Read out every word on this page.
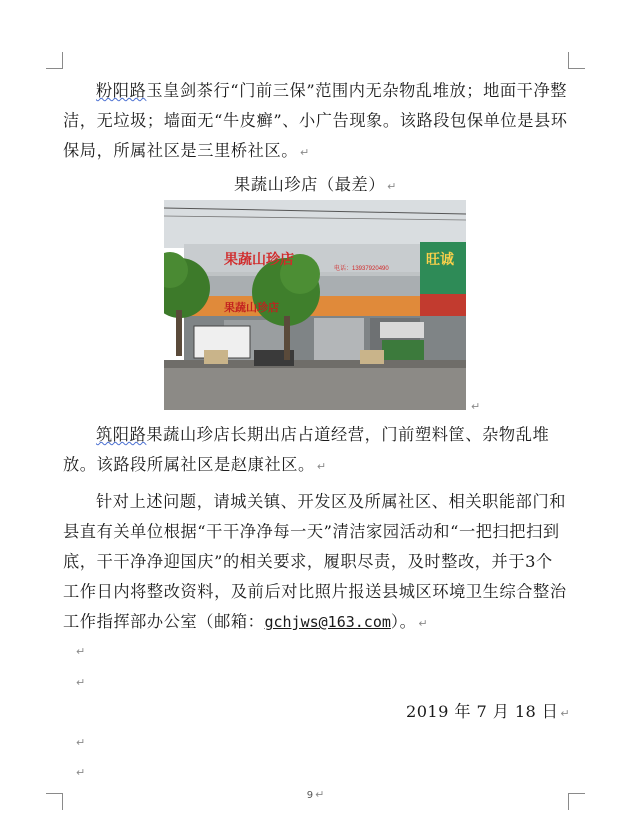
粉阳路玉皇剑茶行“门前三保”范围内无杂物乱堆放；地面干净整洁，无垃圾；墙面无“牛皮癣”、小广告现象。该路段包保单位是县环保局，所属社区是三里桥社区。 ↵

果蔬山珍店（最差） ↵
果蔬山珍店
电话：13937920490
果蔬山珍店
旺诚
↵

筑阳路果蔬山珍店长期出店占道经营，门前塑料筐、杂物乱堆放。该路段所属社区是赵康社区。 ↵

针对上述问题，请城关镇、开发区及所属社区、相关职能部门和县直有关单位根据“干干净净每一天”清洁家园活动和“一把扫把扫到底，干干净净迎国庆”的相关要求，履职尽责，及时整改，并于3个工作日内将整改资料，及前后对比照片报送县城区环境卫生综合整治工作指挥部办公室（邮箱：gchjws@163.com）。 ↵

↵
↵
2019 年 7 月 18 日 ↵
↵
↵
9 ↵
